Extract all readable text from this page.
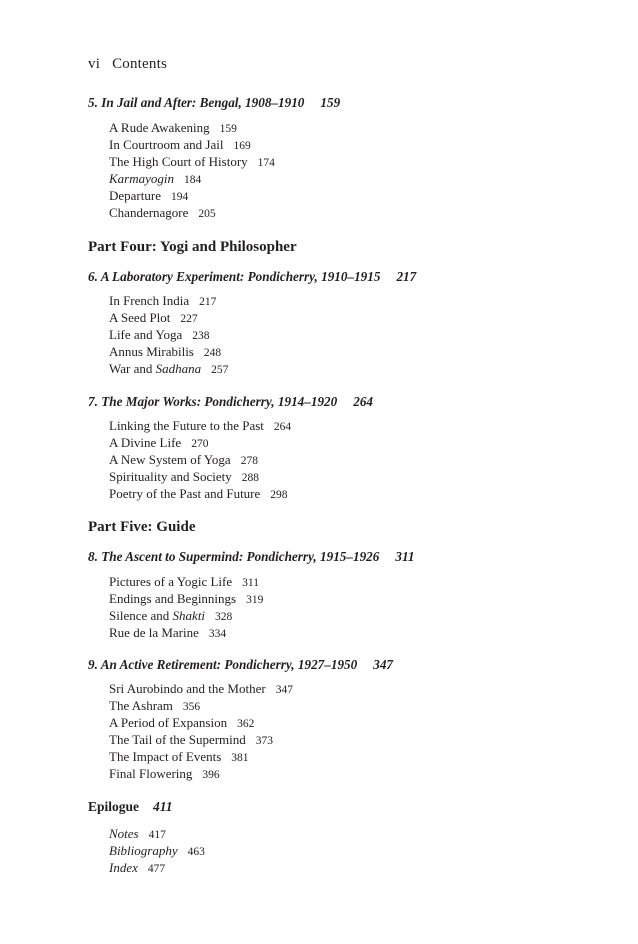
vi Contents
5. In Jail and After: Bengal, 1908–1910 159
A Rude Awakening 159
In Courtroom and Jail 169
The High Court of History 174
Karmayogin 184
Departure 194
Chandernagore 205
Part Four: Yogi and Philosopher
6. A Laboratory Experiment: Pondicherry, 1910–1915 217
In French India 217
A Seed Plot 227
Life and Yoga 238
Annus Mirabilis 248
War and Sadhana 257
7. The Major Works: Pondicherry, 1914–1920 264
Linking the Future to the Past 264
A Divine Life 270
A New System of Yoga 278
Spirituality and Society 288
Poetry of the Past and Future 298
Part Five: Guide
8. The Ascent to Supermind: Pondicherry, 1915–1926 311
Pictures of a Yogic Life 311
Endings and Beginnings 319
Silence and Shakti 328
Rue de la Marine 334
9. An Active Retirement: Pondicherry, 1927–1950 347
Sri Aurobindo and the Mother 347
The Ashram 356
A Period of Expansion 362
The Tail of the Supermind 373
The Impact of Events 381
Final Flowering 396
Epilogue 411
Notes 417
Bibliography 463
Index 477
